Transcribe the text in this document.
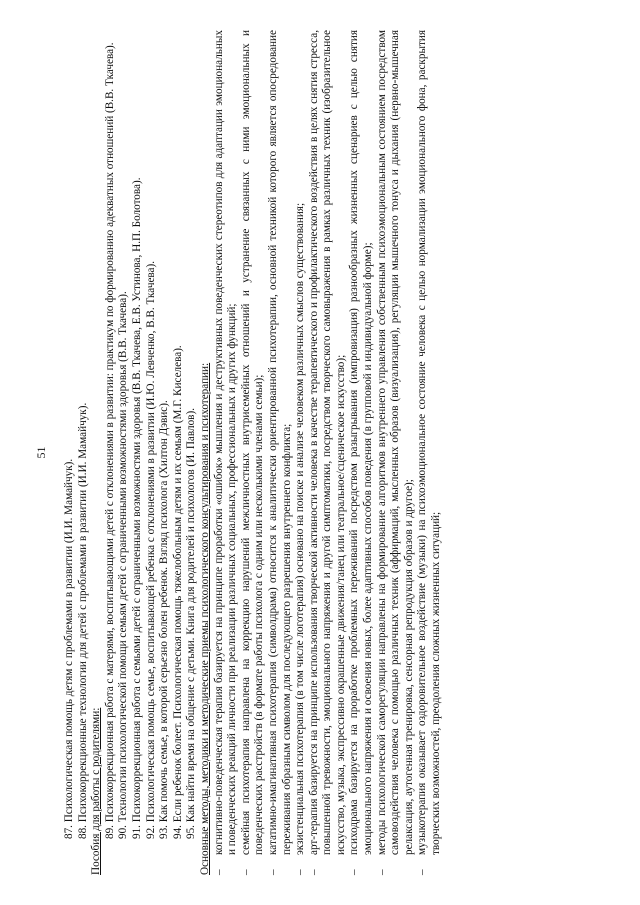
51
87. Психологическая помощь детям с проблемами в развитии (И.И. Мамайчук). 88. Психокоррекционные технологии для детей с проблемами в развитии (И.И. Мамайчук). Пособия для работы с родителями: 89. Психокоррекционная работа с матерями, воспитывающими детей с отклонениями в развитии: практикум по формированию адекватных отношений (В.В. Ткачева). 90. Технологии психологической помощи семьям детей с ограниченными возможностями здоровья (В.В. Ткачева). 91. Психокоррекционная работа с семьями детей с ограниченными возможностями здоровья (В.В. Ткачева, Е.В. Устинова, Н.П. Болотова). 92. Психологическая помощь семье, воспитывающей ребенка с отклонениями в развитии (И.Ю. Левченко, В.В. Ткачева). 93. Как помочь семье, в которой серьезно болен ребенок. Взгляд психолога (Хилтон Дэвис). 94. Если ребенок болеет. Психологическая помощь тяжелобольным детям и их семьям (М.Г. Киселева). 95. Как найти время на общение с детьми. Книга для родителей и психологов (И. Павлов). Основные методы, методики и методические приемы психологического консультирования и психотерапии: –
когнитивно-поведенческая терапия базируется на принципе проработки «ошибок» мышления и деструктивных поведенческих стереотипов для адаптации эмоциональных и поведенческих реакций личности при реализации различных социальных, профессиональных и других функций;
–
семейная психотерапия направлена на коррекцию нарушений межличностных внутрисемейных отношений и устранение связанных с ними эмоциональных и поведенческих расстройств (в формате работы психолога с одним или несколькими членами семьи);
–
кататимно-имагинативная психотерапия (символдрама) относится к аналитически ориентированной психотерапии, основной техникой которого является опосредование переживания образным символом для последующего разрешения внутреннего конфликта;
–
экзистенциальная психотерапия (в том числе логотерапия) основано на поиске и анализе человеком различных смыслов существования;
–
арт-терапия базируется на принципе использования творческой активности человека в качестве терапевтического и профилактического воздействия в целях снятия стресса, повышенной тревожности, эмоционального напряжения и другой симптоматики, посредством творческого самовыражения в рамках различных техник (изобразительное искусство, музыка, экспрессивно окрашенные движения/танец или театральное/сценическое искусство);
–
психодрама базируется на проработке проблемных переживаний посредством разыгрывания (импровизация) разнообразных жизненных сценариев с целью снятия эмоционального напряжения и освоения новых, более адаптивных способов поведения (в групповой и индивидуальной форме);
–
методы психологической саморегуляции направлены на формирование алгоритмов внутреннего управления собственным психоэмоциональным состоянием посредством самовоздействия человека с помощью различных техник (аффирмаций, мысленных образов (визуализация), регуляции мышечного тонуса и дыхания (нервно-мышечная релаксация, аутогенная тренировка, сенсорная репродукция образов и другое);
–
музыкотерапия оказывает оздоровительное воздействие (музыки) на психоэмоциональное состояние человека с целью нормализации эмоционального фона, раскрытия творческих возможностей, преодоления сложных жизненных ситуаций;
